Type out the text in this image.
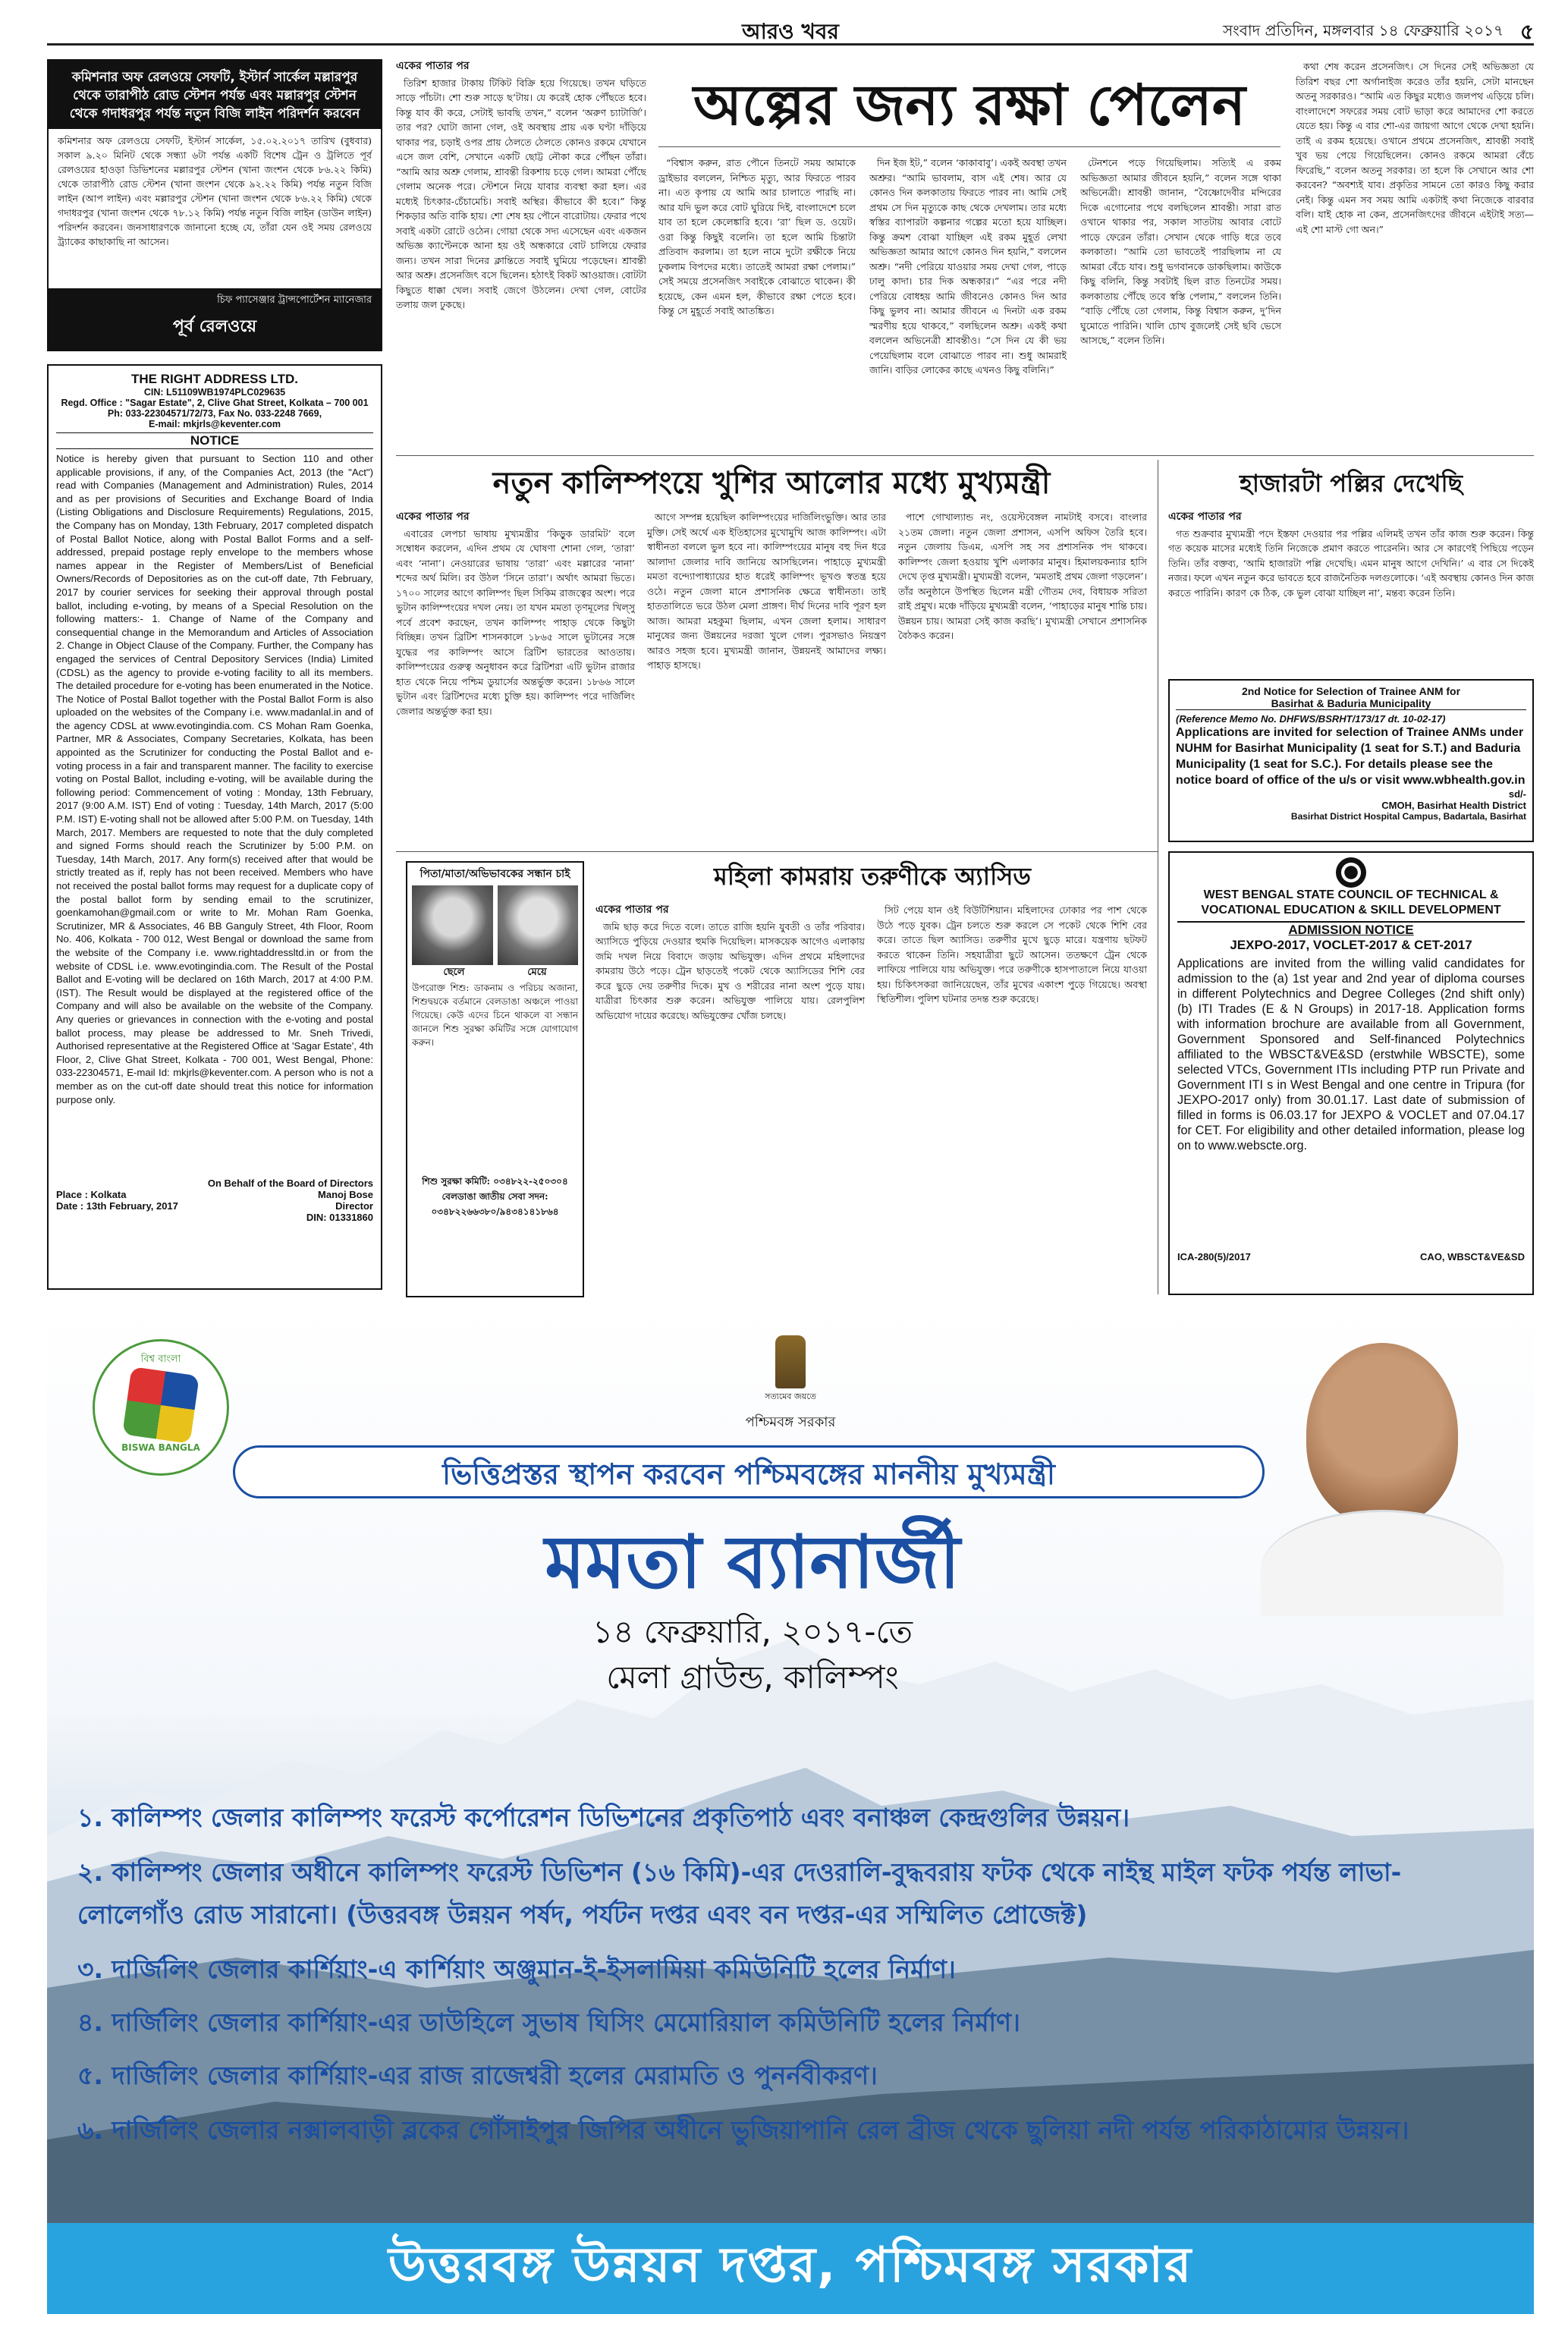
আরও খবর	সংবাদ প্রতিদিন, মঙ্গলবার ১৪ ফেব্রুয়ারি ২০১৭ ৫
কমিশনার অফ রেলওয়ে সেফটি, ইস্টার্ন সার্কেল মল্লারপুর থেকে তারাপীঠ রোড স্টেশন পর্যন্ত এবং মল্লারপুর স্টেশন থেকে গদাধরপুর পর্যন্ত নতুন বিজি লাইন পরিদর্শন করবেন
কমিশনার অফ রেলওয়ে সেফটি, ইস্টার্ন সার্কেল, ১৫.০২.২০১৭ তারিখ (বুধবার) সকাল ৯.২০ মিনিট থেকে সন্ধ্যা ৬টা পর্যন্ত একটি বিশেষ ট্রেন ও ট্রলিতে পূর্ব রেলওয়ের হাওড়া ডিভিশনের মল্লারপুর স্টেশন (খানা জংশন থেকে ৮৬.২২ কিমি) থেকে তারাপীঠ রোড স্টেশন (খানা জংশন থেকে ৯২.২২ কিমি) পর্যন্ত নতুন বিজি লাইন (আপ লাইন) এবং মল্লারপুর স্টেশন (খানা জংশন থেকে ৮৬.২২ কিমি) থেকে গদাধরপুর (খানা জংশন থেকে ৭৮.১২ কিমি) পর্যন্ত নতুন বিজি লাইন (ডাউন লাইন) পরিদর্শন করবেন। জনসাধারণকে জানানো হচ্ছে যে, তাঁরা যেন ওই সময় রেলওয়ে ট্র্যাকের কাছাকাছি না আসেন।
চিফ প্যাসেঞ্জার ট্রান্সপোর্টেশন ম্যানেজার
পূর্ব রেলওয়ে
THE RIGHT ADDRESS LTD.
CIN: L51109WB1974PLC029635
Regd. Office : "Sagar Estate", 2, Clive Ghat Street, Kolkata – 700 001
Ph: 033-22304571/72/73, Fax No. 033-2248 7669,
E-mail: mkjrls@keventer.com
NOTICE
Notice is hereby given that pursuant to Section 110 and other applicable provisions, if any, of the Companies Act, 2013 (the "Act") read with Companies (Management and Administration) Rules, 2014 and as per provisions of Securities and Exchange Board of India (Listing Obligations and Disclosure Requirements) Regulations, 2015, the Company has on Monday, 13th February, 2017 completed dispatch of Postal Ballot Notice, along with Postal Ballot Forms and a self-addressed, prepaid postage reply envelope to the members whose names appear in the Register of Members/List of Beneficial Owners/Records of Depositories as on the cut-off date, 7th February, 2017 by courier services for seeking their approval through postal ballot, including e-voting, by means of a Special Resolution on the following matters:- 1. Change of Name of the Company and consequential change in the Memorandum and Articles of Association 2. Change in Object Clause of the Company. Further, the Company has engaged the services of Central Depository Services (India) Limited (CDSL) as the agency to provide e-voting facility to all its members. The detailed procedure for e-voting has been enumerated in the Notice. The Notice of Postal Ballot together with the Postal Ballot Form is also uploaded on the websites of the Company i.e. www.madanlal.in and of the agency CDSL at www.evotingindia.com. CS Mohan Ram Goenka, Partner, MR & Associates, Company Secretaries, Kolkata, has been appointed as the Scrutinizer for conducting the Postal Ballot and e-voting process in a fair and transparent manner. The facility to exercise voting on Postal Ballot, including e-voting, will be available during the following period: Commencement of voting : Monday, 13th February, 2017 (9:00 A.M. IST) End of voting : Tuesday, 14th March, 2017 (5:00 P.M. IST) E-voting shall not be allowed after 5:00 P.M. on Tuesday, 14th March, 2017. Members are requested to note that the duly completed and signed Forms should reach the Scrutinizer by 5:00 P.M. on Tuesday, 14th March, 2017. Any form(s) received after that would be strictly treated as if, reply has not been received. Members who have not received the postal ballot forms may request for a duplicate copy of the postal ballot form by sending email to the scrutinizer, goenkamohan@gmail.com or write to Mr. Mohan Ram Goenka, Scrutinizer, MR & Associates, 46 BB Ganguly Street, 4th Floor, Room No. 406, Kolkata - 700 012, West Bengal or download the same from the website of the Company i.e. www.rightaddressltd.in or from the website of CDSL i.e. www.evotingindia.com. The Result of the Postal Ballot and E-voting will be declared on 16th March, 2017 at 4:00 P.M. (IST). The Result would be displayed at the registered office of the Company and will also be available on the website of the Company. Any queries or grievances in connection with the e-voting and postal ballot process, may please be addressed to Mr. Sneh Trivedi, Authorised representative at the Registered Office at 'Sagar Estate', 4th Floor, 2, Clive Ghat Street, Kolkata - 700 001, West Bengal, Phone: 033-22304571, E-mail Id: mkjrls@keventer.com. A person who is not a member as on the cut-off date should treat this notice for information purpose only.
On Behalf of the Board of Directors
Place : Kolkata	Manoj Bose
Date : 13th February, 2017	Director
DIN: 01331860
একের পাতার পর

তিরিশ হাজার টাকায় টিকিট বিক্রি হয়ে গিয়েছে। তখন ঘড়িতে সাড়ে পাঁচটা। শো শুরু সাড়ে ছ’টায়। যে করেই হোক পৌঁছতে হবে। কিন্তু যাব কী করে, সেটাই ভাবছি তখন,” বলেন ‘অরুণ চ্যাটার্জি’। তার পর? ঘোটা জানা গেল, ওই অবস্থায় প্রায় এক ঘণ্টা দাঁড়িয়ে থাকার পর, চড়াই ওপর প্রায় ঠেলতে ঠেলতে কোনও রকমে যেখানে এসে জল বেশি, সেখানে একটি ছোট্ট নৌকা করে পৌঁছন তাঁরা। “আমি আর অশ্রু গেলাম, শ্রাবন্তী রিকশায় চড়ে গেল। আমরা পৌঁছে গেলাম অনেক পরে। স্টেশনে নিয়ে যাবার ব্যবস্থা করা হল। এর মধ্যেই চিৎকার-চেঁচামেচি। সবাই অস্থির। কীভাবে কী হবে।” কিন্তু শিকড়ার অতি বাকি হায়। শো শেষ হয় পৌনে বারোটায়। ফেরার পথে সবাই একটা রোটে ওঠেন। গোয়া থেকে সদ্য এসেছেন এবং একজন অভিজ্ঞ ক্যাপ্টেনকে আনা হয় ওই অন্ধকারে বোট চালিয়ে ফেরার জন্য। তখন সারা দিনের ক্লান্তিতে সবাই ঘুমিয়ে পড়েছেন। শ্রাবন্তী আর অশ্রু। প্রসেনজিৎ বসে ছিলেন। হঠাৎই বিকট আওয়াজ। বোটটা কিছুতে ধাক্কা খেল। সবাই জেগে উঠলেন। দেখা গেল, বোটের তলায় জল ঢুকছে।

অল্পের জন্য রক্ষা পেলেন

“বিশ্বাস করুন, রাত পৌনে তিনটে সময় আমাকে ড্রাইভার বললেন, নিশ্চিত মৃত্যু, আর ফিরতে পারব না। এত কৃপায় যে আমি আর চালাতে পারছি না। আর যদি ভুল করে বোট ঘুরিয়ে দিই, বাংলাদেশে চলে যাব তা হলে কেলেঙ্কারি হবে। ‘রা’ ছিল ড. ওয়েট। ওরা কিন্তু কিছুই বলেনি। তা হলে আমি চিন্তাটা প্রতিবাদ করলাম। তা হলে নামে দুটো রক্ষীকে নিয়ে ঢুকলাম বিপদের মধ্যে। তাতেই আমরা রক্ষা পেলাম।” সেই সময়ে প্রসেনজিৎ সবাইকে বোঝাতে থাকেন। কী হয়েছে, কেন এমন হল, কীভাবে রক্ষা পেতে হবে। কিন্তু সে মুহূর্তে সবাই আতঙ্কিত।

দিন ইজ ইট,” বলেন ‘কাকাবাবু’। একই অবস্থা তখন অশ্রুর। “আমি ভাবলাম, বাস এই শেষ। আর যে কোনও দিন কলকাতায় ফিরতে পারব না। আমি সেই প্রথম সে দিন মৃত্যুকে কাছ থেকে দেখলাম। তার মধ্যে স্বস্তির ব্যাপারটা কল্পনার গল্পের মতো হয়ে যাচ্ছিল। কিন্তু ক্রমশ বোঝা যাচ্ছিল এই রকম মুহূর্ত লেখা অভিজ্ঞতা আমার আগে কোনও দিন হয়নি,” বললেন অশ্রু। “নদী পেরিয়ে যাওয়ার সময় দেখা গেল, পাড়ে ঢালু কাদা। চার দিক অন্ধকার।” “এর পরে নদী পেরিয়ে বোধহয় আমি জীবনেও কোনও দিন আর কিছু ভুলব না। আমার জীবনে এ দিনটা এক রকম স্মরণীয় হয়ে থাকবে,” বলছিলেন অশ্রু। একই কথা বললেন অভিনেত্রী শ্রাবন্তীও। “সে দিন যে কী ভয় পেয়েছিলাম বলে বোঝাতে পারব না। শুধু আমরাই জানি। বাড়ির লোকের কাছে এখনও কিছু বলিনি।”

টেনশনে পড়ে গিয়েছিলাম। সত্যিই এ রকম অভিজ্ঞতা আমার জীবনে হয়নি,” বলেন সঙ্গে থাকা অভিনেত্রী। শ্রাবন্তী জানান, “বৈষ্ণোদেবীর মন্দিরের দিকে এগোনোর পথে বলছিলেন শ্রাবন্তী। সারা রাত ওখানে থাকার পর, সকাল সাতটায় আবার বোটে পাড়ে ফেরেন তাঁরা। সেখান থেকে গাড়ি ধরে তবে কলকাতা। “আমি তো ভাবতেই পারছিলাম না যে আমরা বেঁচে যাব। শুধু ভগবানকে ডাকছিলাম। কাউকে কিছু বলিনি, কিন্তু সবটাই ছিল রাত তিনটের সময়। কলকাতায় পৌঁছে তবে স্বস্তি পেলাম,” বললেন তিনি। “বাড়ি পৌঁছে তো গেলাম, কিন্তু বিশ্বাস করুন, দু’দিন ঘুমোতে পারিনি। খালি চোখ বুজলেই সেই ছবি ভেসে আসছে,” বলেন তিনি।

কথা শেষ করেন প্রসেনজিৎ। সে দিনের সেই অভিজ্ঞতা যে তিরিশ বছর শো অর্গানাইজ করেও তাঁর হয়নি, সেটা মানছেন অতনু সরকারও। “আমি এত কিছুর মধ্যেও জলপথ এড়িয়ে চলি। বাংলাদেশে সফরের সময় বোট ভাড়া করে আমাদের শো করতে যেতে হয়। কিন্তু এ বার শো-এর জায়গা আগে থেকে দেখা হয়নি। তাই এ রকম হয়েছে। ওখানে প্রথমে প্রসেনজিৎ, শ্রাবন্তী সবাই খুব ভয় পেয়ে গিয়েছিলেন। কোনও রকমে আমরা বেঁচে ফিরেছি,” বলেন অতনু সরকার। তা হলে কি সেখানে আর শো করবেন? “অবশ্যই যাব। প্রকৃতির সামনে তো কারও কিছু করার নেই। কিন্তু এমন সব সময় আমি একটাই কথা নিজেকে বারবার বলি। যাই হোক না কেন, প্রসেনজিৎদের জীবনে এইটাই সত্য—এই শো মাস্ট গো অন।”

নতুন কালিম্পংয়ে খুশির আলোর মধ্যে মুখ্যমন্ত্রী
একের পাতার পর

এবারের লেপচা ভাষায় মুখ্যমন্ত্রীর ‘কিড়ুক ডারমিট’ বলে সম্বোধন করলেন, এদিন প্রথম যে ঘোষণা শোনা গেল, ‘তারা’ এবং ‘নানা’। নেওয়ারের ভাষায় ‘তারা’ এবং মল্লারের ‘নানা’ শব্দের অর্থ মিলি। রব উঠল ‘সিনে তারা’। অর্থাৎ আমরা ভিতে। ১৭০০ সালের আগে কালিম্পং ছিল সিকিম রাজত্বের অংশ। পরে ভুটান কালিম্পংয়ের দখল নেয়। তা যখন মমতা তৃণমূলের খিল্সু পর্বে প্রবেশ করছেন, তখন কালিম্পং পাহাড় থেকে কিছুটা বিচ্ছিন্ন। তখন ব্রিটিশ শাসনকালে ১৮৬৫ সালে ভুটানের সঙ্গে যুদ্ধের পর কালিম্পং আসে ব্রিটিশ ভারতের আওতায়। কালিম্পংয়ের গুরুত্ব অনুধাবন করে ব্রিটিশরা এটি ভুটান রাজার হাত থেকে নিয়ে পশ্চিম ডুয়ার্সের অন্তর্ভুক্ত করেন। ১৮৬৬ সালে ভুটান এবং ব্রিটিশদের মধ্যে চুক্তি হয়। কালিম্পং পরে দার্জিলিং জেলার অন্তর্ভুক্ত করা হয়।

আগে সম্পন্ন হয়েছিল কালিম্পংয়ের দার্জিলিংভুক্তি। আর তার মুক্তি। সেই অর্থে এক ইতিহাসের মুখোমুখি আজ কালিম্পং। এটা স্বাধীনতা বললে ভুল হবে না। কালিম্পংয়ের মানুষ বহু দিন ধরে আলাদা জেলার দাবি জানিয়ে আসছিলেন। পাহাড়ে মুখ্যমন্ত্রী মমতা বন্দ্যোপাধ্যায়ের হাত ধরেই কালিম্পং ভূখণ্ড স্বতন্ত্র হয়ে ওঠে। নতুন জেলা মানে প্রশাসনিক ক্ষেত্রে স্বাধীনতা। তাই হাততালিতে ভরে উঠল মেলা প্রাঙ্গণ। দীর্ঘ দিনের দাবি পূরণ হল আজ। আমরা মহকুমা ছিলাম, এখন জেলা হলাম। সাধারণ মানুষের জন্য উন্নয়নের দরজা খুলে গেল। পুরসভাও নিয়ন্ত্রণ আরও সহজ হবে। মুখ্যমন্ত্রী জানান, উন্নয়নই আমাদের লক্ষ্য। পাহাড় হাসছে।

পাশে গোখাল্যান্ড নং, ওয়েস্টবেঙ্গল নামটাই বসবে। বাংলার ২১তম জেলা। নতুন জেলা প্রশাসন, এসপি অফিস তৈরি হবে। নতুন জেলায় ডিএম, এসপি সহ সব প্রশাসনিক পদ থাকবে। কালিম্পং জেলা হওয়ায় খুশি এলাকার মানুষ। হিমালয়কন্যার হাসি দেখে তৃপ্ত মুখ্যমন্ত্রী। মুখ্যমন্ত্রী বলেন, ‘মমতাই প্রথম জেলা গড়লেন’। তাঁর অনুষ্ঠানে উপস্থিত ছিলেন মন্ত্রী গৌতম দেব, বিধায়ক সরিতা রাই প্রমুখ। মঞ্চে দাঁড়িয়ে মুখ্যমন্ত্রী বলেন, ‘পাহাড়ের মানুষ শান্তি চায়। উন্নয়ন চায়। আমরা সেই কাজ করছি’। মুখ্যমন্ত্রী সেখানে প্রশাসনিক বৈঠকও করেন।

হাজারটা পল্লির দেখেছি
একের পাতার পর

গত শুক্রবার মুখ্যমন্ত্রী পদে ইস্তফা দেওয়ার পর পল্লির এলিমই তখন তাঁর কাজ শুরু করেন। কিন্তু গত কয়েক মাসের মধ্যেই তিনি নিজেকে প্রমাণ করতে পারেননি। আর সে কারণেই পিছিয়ে পড়েন তিনি। তাঁর বক্তব্য, ‘আমি হাজারটা পল্লি দেখেছি। এমন মানুষ আগে দেখিনি।’ এ বার সে দিকেই নজর। ফলে এখন নতুন করে ভাবতে হবে রাজনৈতিক দলগুলোকে। ‘এই অবস্থায় কোনও দিন কাজ করতে পারিনি। কারণ কে ঠিক, কে ভুল বোঝা যাচ্ছিল না’, মন্তব্য করেন তিনি।

2nd Notice for Selection of Trainee ANM for
Basirhat & Baduria Municipality
(Reference Memo No. DHFWS/BSRHT/173/17 dt. 10-02-17)
Applications are invited for selection of Trainee ANMs under NUHM for Basirhat Municipality (1 seat for S.T.) and Baduria Municipality (1 seat for S.C.). For details please see the notice board of office of the u/s or visit www.wbhealth.gov.in
sd/-
CMOH, Basirhat Health District
Basirhat District Hospital Campus, Badartala, Basirhat
পিতা/মাতা/অভিভাবকের সন্ধান চাই
ছেলে	মেয়ে
উপরোক্ত শিশু: ডাকনাম ও পরিচয় অজানা, শিশুদ্বয়কে বর্তমানে বেলডাঙা অঞ্চলে পাওয়া গিয়েছে। কেউ এদের চিনে থাকলে বা সন্ধান জানলে শিশু সুরক্ষা কমিটির সঙ্গে যোগাযোগ করুন।
শিশু সুরক্ষা কমিটি: ০৩৪৮২২-২৫০৩০৪
বেলডাঙা জাতীয় সেবা সদন: ০৩৪৮২২৬৬৩৮০/৯৪৩৪১৪১৮৬৪
মহিলা কামরায় তরুণীকে অ্যাসিড
একের পাতার পর

জমি ছাড় করে দিতে বলে। তাতে রাজি হয়নি যুবতী ও তাঁর পরিবার। অ্যাসিডে পুড়িয়ে দেওয়ার হুমকি দিয়েছিল। মাসকয়েক আগেও এলাকায় জমি দখল নিয়ে বিবাদে জড়ায় অভিযুক্ত। এদিন প্রথমে মহিলাদের কামরায় উঠে পড়ে। ট্রেন ছাড়তেই পকেট থেকে অ্যাসিডের শিশি বের করে ছুড়ে দেয় তরুণীর দিকে। মুখ ও শরীরের নানা অংশ পুড়ে যায়। যাত্রীরা চিৎকার শুরু করেন। অভিযুক্ত পালিয়ে যায়। রেলপুলিশ অভিযোগ দায়ের করেছে। অভিযুক্তের খোঁজ চলছে।

সিট পেয়ে যান ওই বিউটিশিয়ান। মহিলাদের ঢোকার পর পাশ থেকে উঠে পড়ে যুবক। ট্রেন চলতে শুরু করলে সে পকেট থেকে শিশি বের করে। তাতে ছিল অ্যাসিড। তরুণীর মুখে ছুড়ে মারে। যন্ত্রণায় ছটফট করতে থাকেন তিনি। সহযাত্রীরা ছুটে আসেন। ততক্ষণে ট্রেন থেকে লাফিয়ে পালিয়ে যায় অভিযুক্ত। পরে তরুণীকে হাসপাতালে নিয়ে যাওয়া হয়। চিকিৎসকরা জানিয়েছেন, তাঁর মুখের একাংশ পুড়ে গিয়েছে। অবস্থা স্থিতিশীল। পুলিশ ঘটনার তদন্ত শুরু করেছে।

WEST BENGAL STATE COUNCIL OF TECHNICAL & VOCATIONAL EDUCATION & SKILL DEVELOPMENT
ADMISSION NOTICE
JEXPO-2017, VOCLET-2017 & CET-2017
Applications are invited from the willing valid candidates for admission to the (a) 1st year and 2nd year of diploma courses in different Polytechnics and Degree Colleges (2nd shift only) (b) ITI Trades (E & N Groups) in 2017-18. Application forms with information brochure are available from all Government, Government Sponsored and Self-financed Polytechnics affiliated to the WBSCT&VE&SD (erstwhile WBSCTE), some selected VTCs, Government ITIs including PTP run Private and Government ITI s in West Bengal and one centre in Tripura (for JEXPO-2017 only) from 30.01.17. Last date of submission of filled in forms is 06.03.17 for JEXPO & VOCLET and 07.04.17 for CET. For eligibility and other detailed information, please log on to www.webscte.org.
ICA-280(5)/2017	CAO, WBSCT&VE&SD
বিশ্ব বাংলা
BISWA BANGLA
সত্যমেব জয়তে
পশ্চিমবঙ্গ সরকার
ভিত্তিপ্রস্তর স্থাপন করবেন পশ্চিমবঙ্গের মাননীয় মুখ্যমন্ত্রী
মমতা ব্যানার্জী
১৪ ফেব্রুয়ারি, ২০১৭-তে
মেলা গ্রাউন্ড, কালিম্পং
১. কালিম্পং জেলার কালিম্পং ফরেস্ট কর্পোরেশন ডিভিশনের প্রকৃতিপাঠ এবং বনাঞ্চল কেন্দ্রগুলির উন্নয়ন।
২. কালিম্পং জেলার অধীনে কালিম্পং ফরেস্ট ডিভিশন (১৬ কিমি)-এর দেওরালি-বুদ্ধবরায় ফটক থেকে নাইন্থ মাইল ফটক পর্যন্ত লাভা-লোলেগাঁও রোড সারানো। (উত্তরবঙ্গ উন্নয়ন পর্ষদ, পর্যটন দপ্তর এবং বন দপ্তর-এর সম্মিলিত প্রোজেক্ট)
৩. দার্জিলিং জেলার কার্শিয়াং-এ কার্শিয়াং অঞ্জুমান-ই-ইসলামিয়া কমিউনিটি হলের নির্মাণ।
৪. দার্জিলিং জেলার কার্শিয়াং-এর ডাউহিলে সুভাষ ঘিসিং মেমোরিয়াল কমিউনিটি হলের নির্মাণ।
৫. দার্জিলিং জেলার কার্শিয়াং-এর রাজ রাজেশ্বরী হলের মেরামতি ও পুনর্নবীকরণ।
৬. দার্জিলিং জেলার নক্সালবাড়ী ব্লকের গোঁসাইপুর জিপির অধীনে ভুজিয়াপানি রেল ব্রীজ থেকে ছুলিয়া নদী পর্যন্ত পরিকাঠামোর উন্নয়ন।
উত্তরবঙ্গ উন্নয়ন দপ্তর, পশ্চিমবঙ্গ সরকার
